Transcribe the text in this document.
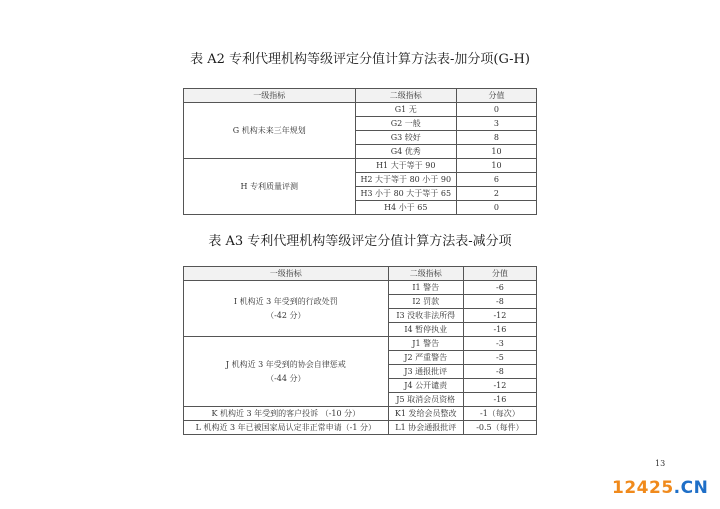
表 A2 专利代理机构等级评定分值计算方法表-加分项(G-H)
一级指标	二级指标	分值
G 机构未来三年规划	G1 无	0
	G2 一般	3
	G3 较好	8
	G4 优秀	10
H 专利质量评测	H1 大于等于 90	10
	H2 大于等于 80 小于 90	6
	H3 小于 80 大于等于 65	2
	H4 小于 65	0
表 A3 专利代理机构等级评定分值计算方法表-减分项
一级指标	二级指标	分值

I 机构近 3 年受到的行政处罚
（-42 分）	I1 警告	-6
	I2 罚款	-8
	I3 没收非法所得	-12
	I4 暂停执业	-16

J 机构近 3 年受到的协会自律惩戒
（-44 分）	J1 警告	-3
	J2 严重警告	-5
	J3 通报批评	-8
	J4 公开谴责	-12
	J5 取消会员资格	-16
K 机构近 3 年受到的客户投诉 （-10 分）	K1 发给会员整改	-1（每次）
L 机构近 3 年已被国家局认定非正常申请（-1 分）	L1 协会通报批评	-0.5（每件）
13
12425.CN
